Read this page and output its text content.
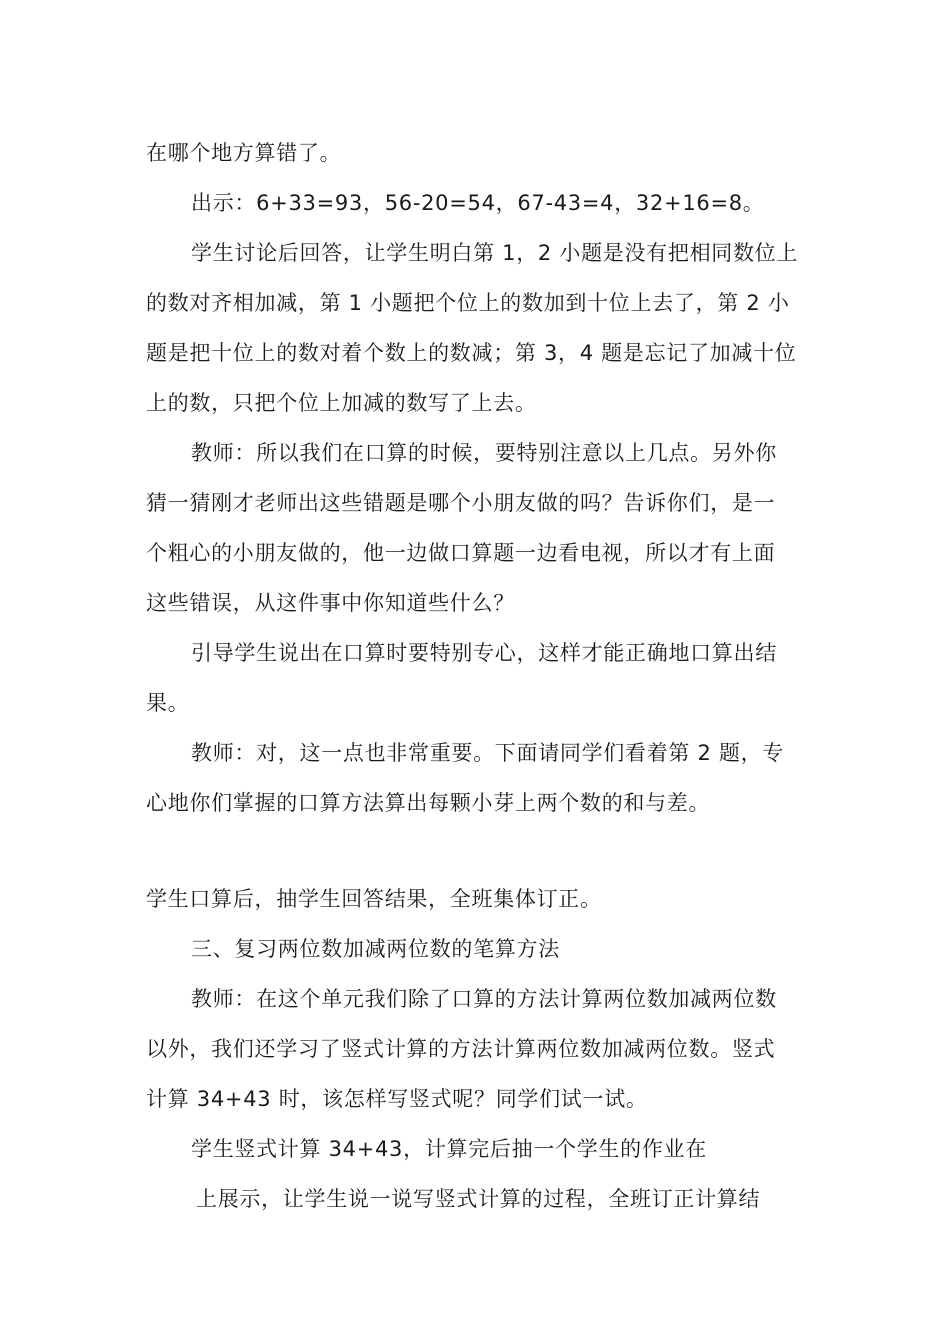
在哪个地方算错了。
出示：6+33=93，56-20=54，67-43=4，32+16=8。
学生讨论后回答，让学生明白第 1，2 小题是没有把相同数位上
的数对齐相加减，第 1 小题把个位上的数加到十位上去了，第 2 小
题是把十位上的数对着个数上的数减；第 3，4 题是忘记了加减十位
上的数，只把个位上加减的数写了上去。
教师：所以我们在口算的时候，要特别注意以上几点。另外你
猜一猜刚才老师出这些错题是哪个小朋友做的吗？告诉你们，是一
个粗心的小朋友做的，他一边做口算题一边看电视，所以才有上面
这些错误，从这件事中你知道些什么？
引导学生说出在口算时要特别专心，这样才能正确地口算出结
果。
教师：对，这一点也非常重要。下面请同学们看着第 2 题，专
心地你们掌握的口算方法算出每颗小芽上两个数的和与差。
学生口算后，抽学生回答结果，全班集体订正。
三、复习两位数加减两位数的笔算方法
教师：在这个单元我们除了口算的方法计算两位数加减两位数
以外，我们还学习了竖式计算的方法计算两位数加减两位数。竖式
计算 34+43 时，该怎样写竖式呢？同学们试一试。
学生竖式计算 34+43，计算完后抽一个学生的作业在
上展示，让学生说一说写竖式计算的过程，全班订正计算结
